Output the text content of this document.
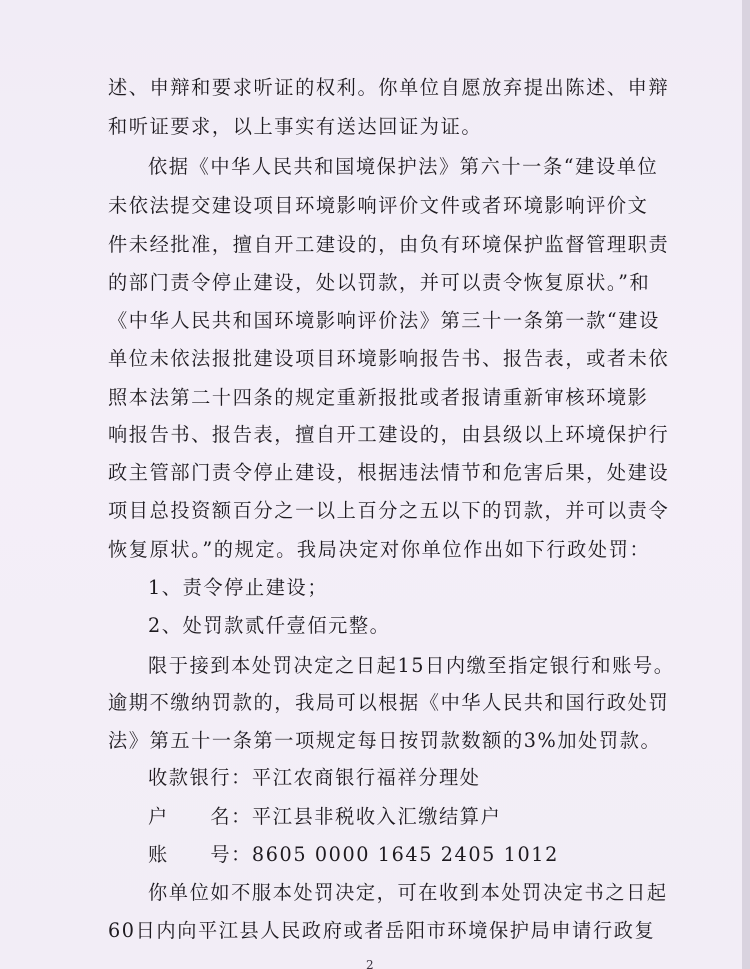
述、申辩和要求听证的权利。你单位自愿放弃提出陈述、申辩
和听证要求，以上事实有送达回证为证。
依据《中华人民共和国境保护法》第六十一条“建设单位
未依法提交建设项目环境影响评价文件或者环境影响评价文
件未经批准，擅自开工建设的，由负有环境保护监督管理职责
的部门责令停止建设，处以罚款，并可以责令恢复原状。”和
《中华人民共和国环境影响评价法》第三十一条第一款“建设
单位未依法报批建设项目环境影响报告书、报告表，或者未依
照本法第二十四条的规定重新报批或者报请重新审核环境影
响报告书、报告表，擅自开工建设的，由县级以上环境保护行
政主管部门责令停止建设，根据违法情节和危害后果，处建设
项目总投资额百分之一以上百分之五以下的罚款，并可以责令
恢复原状。”的规定。我局决定对你单位作出如下行政处罚：
1、责令停止建设；
2、处罚款贰仟壹佰元整。
限于接到本处罚决定之日起15日内缴至指定银行和账号。
逾期不缴纳罚款的，我局可以根据《中华人民共和国行政处罚
法》第五十一条第一项规定每日按罚款数额的3%加处罚款。
收款银行：平江农商银行福祥分理处
户　　名：平江县非税收入汇缴结算户
账　　号：8605 0000 1645 2405 1012
你单位如不服本处罚决定，可在收到本处罚决定书之日起
60日内向平江县人民政府或者岳阳市环境保护局申请行政复
2
